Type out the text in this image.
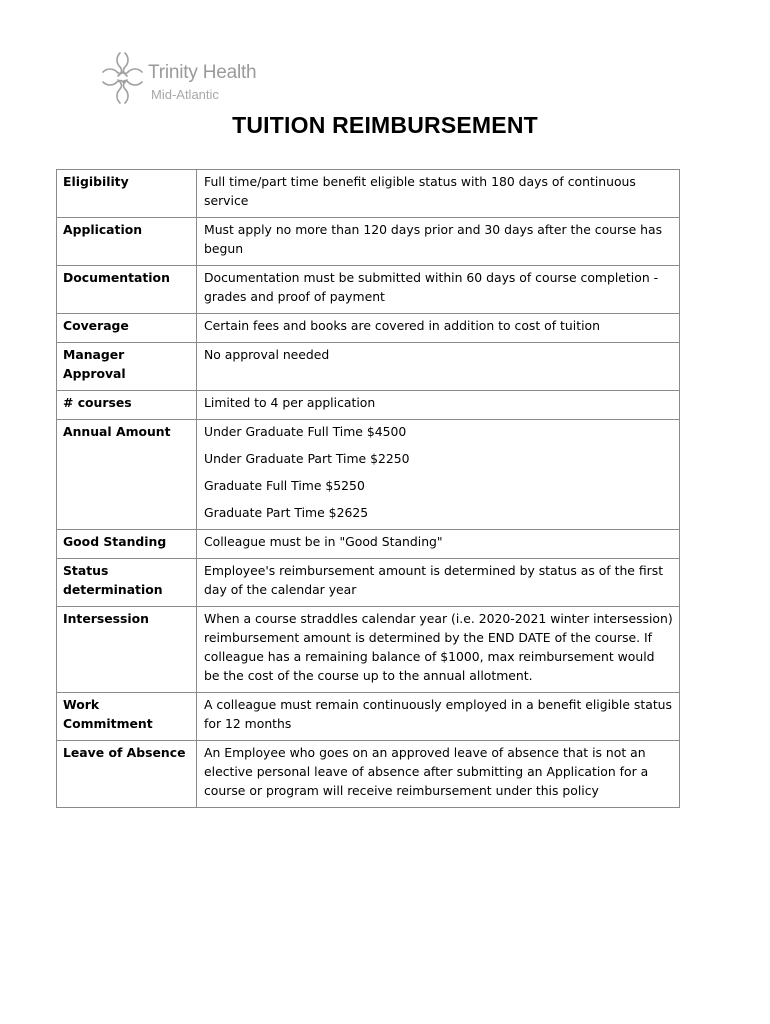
Trinity Health
Mid-Atlantic
TUITION REIMBURSEMENT
Eligibility	Full time/part time benefit eligible status with 180 days of continuous service
Application	Must apply no more than 120 days prior and 30 days after the course has begun
Documentation	Documentation must be submitted within 60 days of course completion - grades and proof of payment
Coverage	Certain fees and books are covered in addition to cost of tuition
Manager Approval	No approval needed
# courses	Limited to 4 per application
Annual Amount	Under Graduate Full Time $4500
Under Graduate Part Time $2250
Graduate Full Time $5250
Graduate Part Time $2625

Good Standing	Colleague must be in "Good Standing"
Status determination	Employee's reimbursement amount is determined by status as of the first day of the calendar year
Intersession	When a course straddles calendar year (i.e. 2020-2021 winter intersession) reimbursement amount is determined by the END DATE of the course. If colleague has a remaining balance of $1000, max reimbursement would be the cost of the course up to the annual allotment.
Work Commitment	A colleague must remain continuously employed in a benefit eligible status for 12 months
Leave of Absence	An Employee who goes on an approved leave of absence that is not an elective personal leave of absence after submitting an Application for a course or program will receive reimbursement under this policy
